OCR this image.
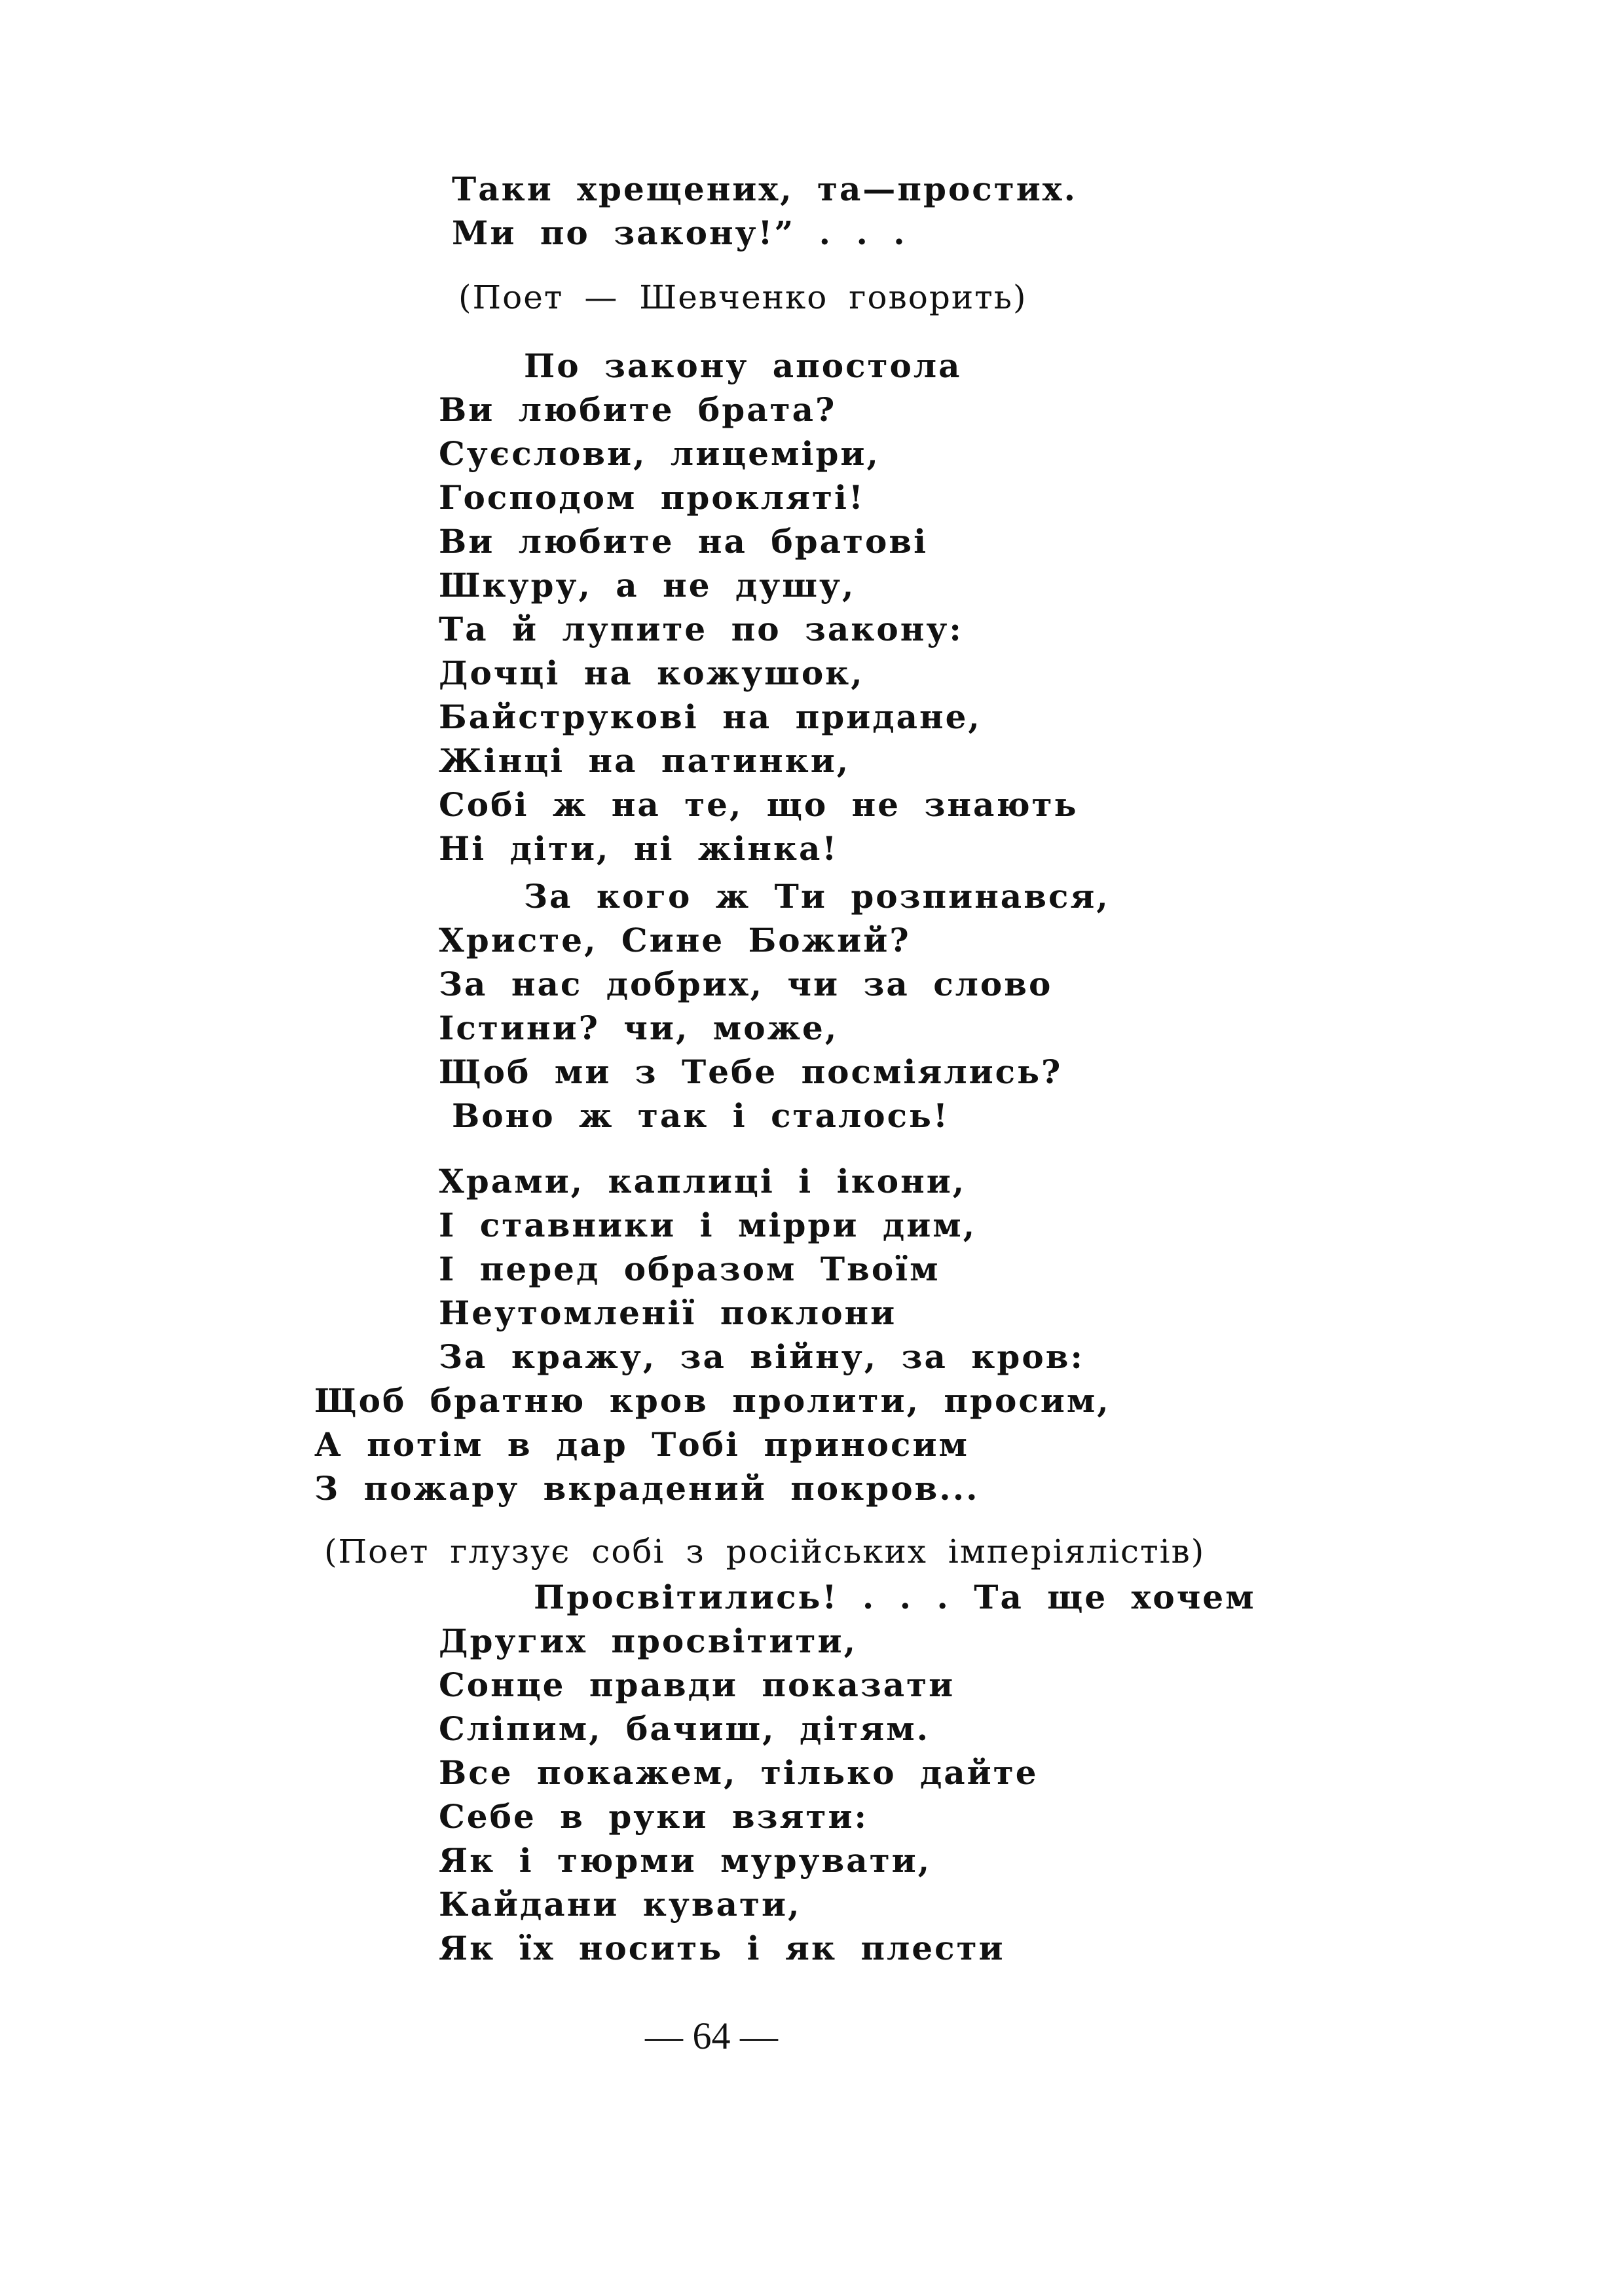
Таки хрещених, та—простих.
Ми по закону!” . . .
(Поет — Шевченко говорить)
По закону апостола
Ви любите брата?
Суєслови, лицеміри,
Господом прокляті!
Ви любите на братові
Шкуру, а не душу,
Та й лупите по закону:
Дочці на кожушок,
Байструкові на придане,
Жінці на патинки,
Собі ж на те, що не знають
Ні діти, ні жінка!
За кого ж Ти розпинався,
Христе, Сине Божий?
За нас добрих, чи за слово
Істини? чи, може,
Щоб ми з Тебе посміялись?
Воно ж так і сталось!
Храми, каплиці і ікони,
І ставники і мірри дим,
І перед образом Твоїм
Неутомленії поклони
За кражу, за війну, за кров:
Щоб братню кров пролити, просим,
А потім в дар Тобі приносим
З пожару вкрадений покров...
(Поет глузує собі з російських імперіялістів)
Просвітились! . . . Та ще хочем
Других просвітити,
Сонце правди показати
Сліпим, бачиш, дітям.
Все покажем, тілько дайте
Себе в руки взяти:
Як і тюрми мурувати,
Кайдани кувати,
Як їх носить і як плести
— 64 —
